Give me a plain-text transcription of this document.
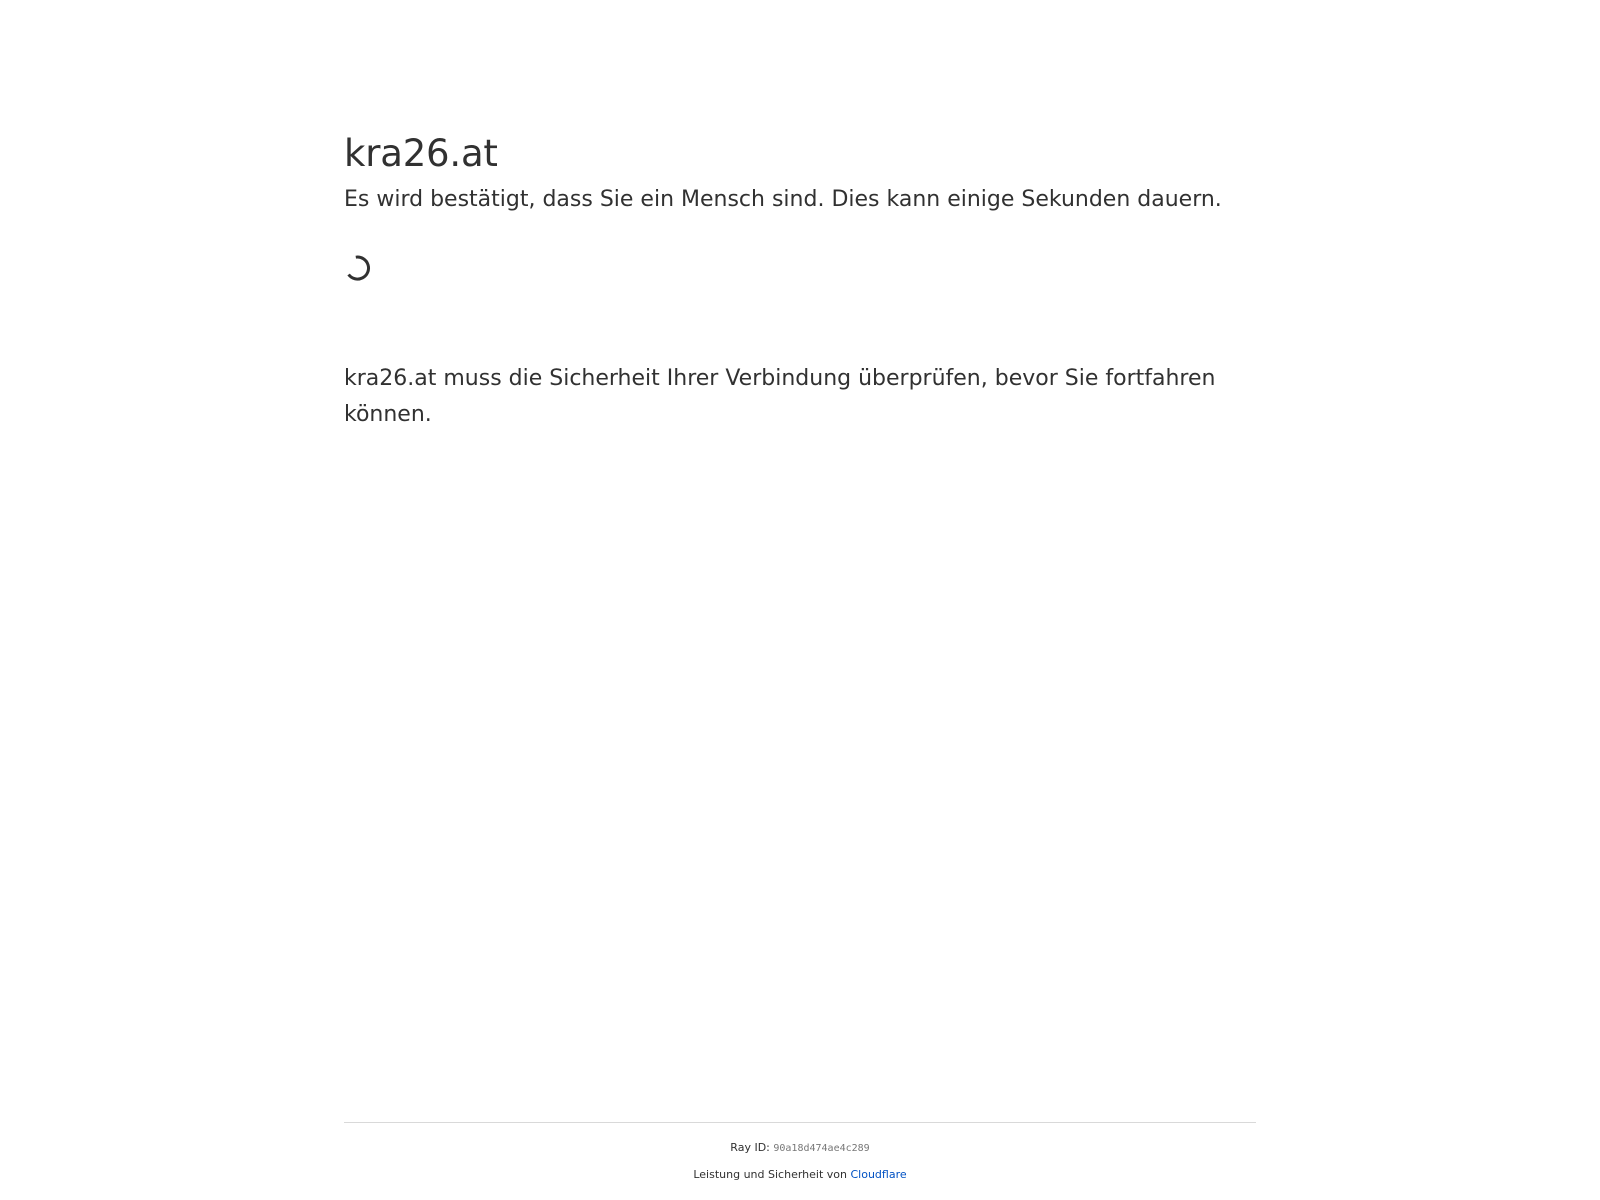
kra26.at
Es wird bestätigt, dass Sie ein Mensch sind. Dies kann einige Sekunden dauern.

kra26.at muss die Sicherheit Ihrer Verbindung überprüfen, bevor Sie fortfahren können.

Ray ID: 90a18d474ae4c289
Leistung und Sicherheit von Cloudflare
